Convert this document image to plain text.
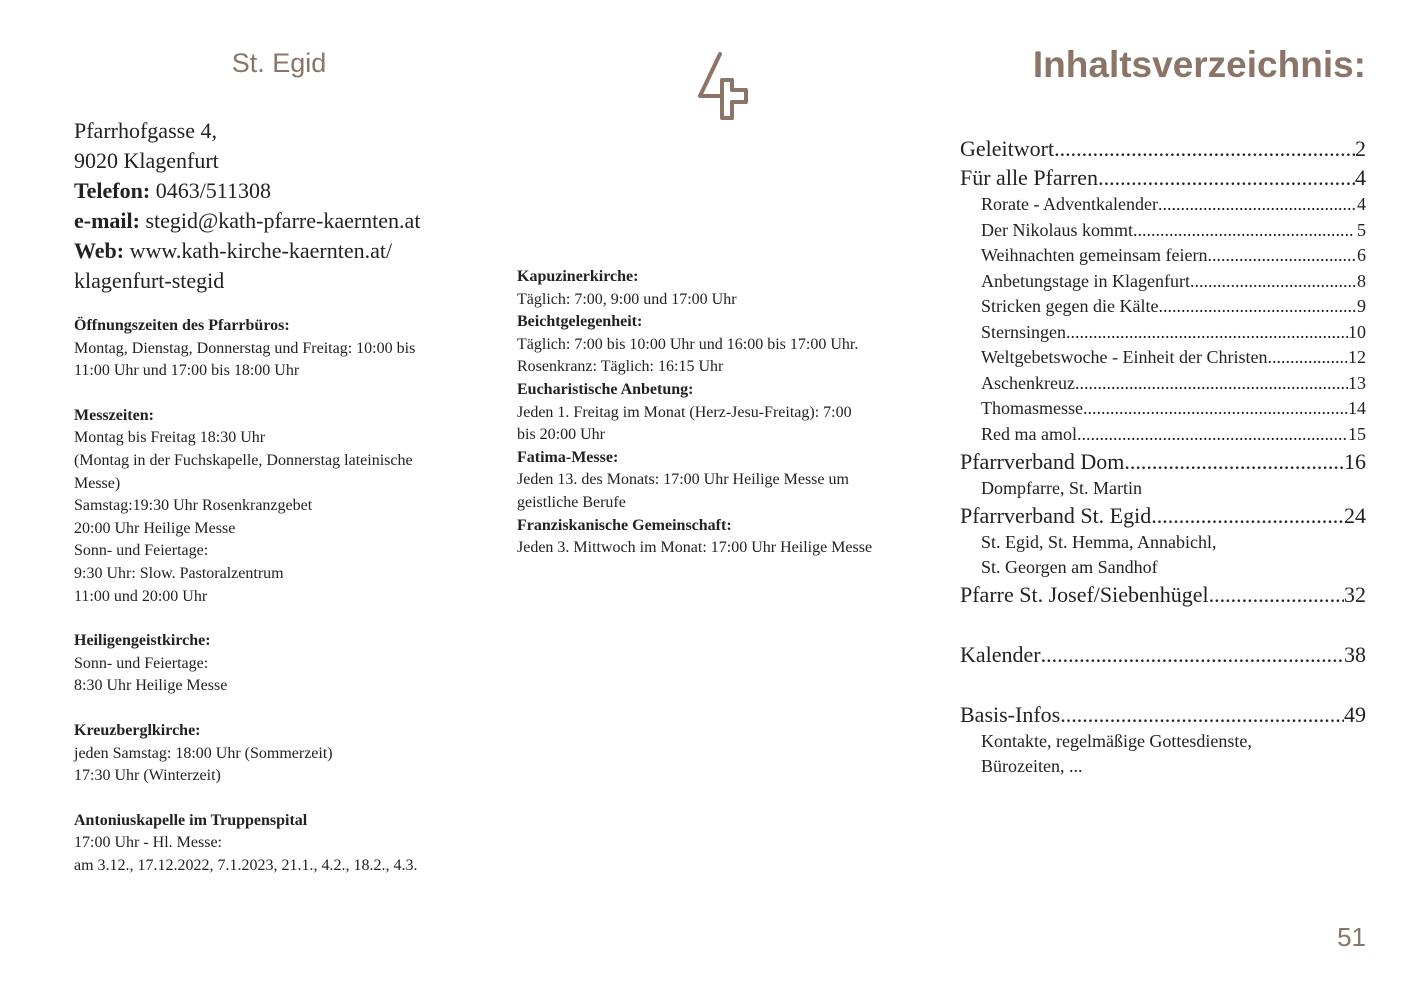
St. Egid
Pfarrhofgasse 4,
9020 Klagenfurt
Telefon: 0463/511308
e-mail: stegid@kath-pfarre-kaernten.at
Web: www.kath-kirche-kaernten.at/
klagenfurt-stegid
Öffnungszeiten des Pfarrbüros:
Montag, Dienstag, Donnerstag und Freitag: 10:00 bis
11:00 Uhr und 17:00 bis 18:00 Uhr
Messzeiten:
Montag bis Freitag 18:30 Uhr
(Montag in der Fuchskapelle, Donnerstag lateinische
Messe)
Samstag:19:30 Uhr Rosenkranzgebet
20:00 Uhr Heilige Messe
Sonn- und Feiertage:
9:30 Uhr: Slow. Pastoralzentrum
11:00 und 20:00 Uhr
Heiligengeistkirche:
Sonn- und Feiertage:
8:30 Uhr Heilige Messe
Kreuzberglkirche:
jeden Samstag: 18:00 Uhr (Sommerzeit)
17:30 Uhr (Winterzeit)
Antoniuskapelle im Truppenspital
17:00 Uhr - Hl. Messe:
am 3.12., 17.12.2022, 7.1.2023, 21.1., 4.2., 18.2., 4.3.
Kapuzinerkirche:
Täglich: 7:00, 9:00 und 17:00 Uhr
Beichtgelegenheit:
Täglich: 7:00 bis 10:00 Uhr und 16:00 bis 17:00 Uhr.
Rosenkranz: Täglich: 16:15 Uhr
Eucharistische Anbetung:
Jeden 1. Freitag im Monat (Herz-Jesu-Freitag): 7:00
bis 20:00 Uhr
Fatima-Messe:
Jeden 13. des Monats: 17:00 Uhr Heilige Messe um
geistliche Berufe
Franziskanische Gemeinschaft:
Jeden 3. Mittwoch im Monat: 17:00 Uhr Heilige Messe
Inhaltsverzeichnis:
Geleitwort .....	2
Für alle Pfarren .....	4
Rorate - Adventkalender .....	4
Der Nikolaus kommt .....	5
Weihnachten gemeinsam feiern .....	6
Anbetungstage in Klagenfurt .....	8
Stricken gegen die Kälte .....	9
Sternsingen .....	10
Weltgebetswoche - Einheit der Christen .....	12
Aschenkreuz .....	13
Thomasmesse .....	14
Red ma amol .....	15
Pfarrverband Dom .....	16
Dompfarre, St. Martin
Pfarrverband St. Egid .....	24
St. Egid, St. Hemma, Annabichl,
St. Georgen am Sandhof
Pfarre St. Josef/Siebenhügel .....	32
Kalender .....	38
Basis-Infos .....	49
Kontakte, regelmäßige Gottesdienste,
Bürozeiten, ...
51
